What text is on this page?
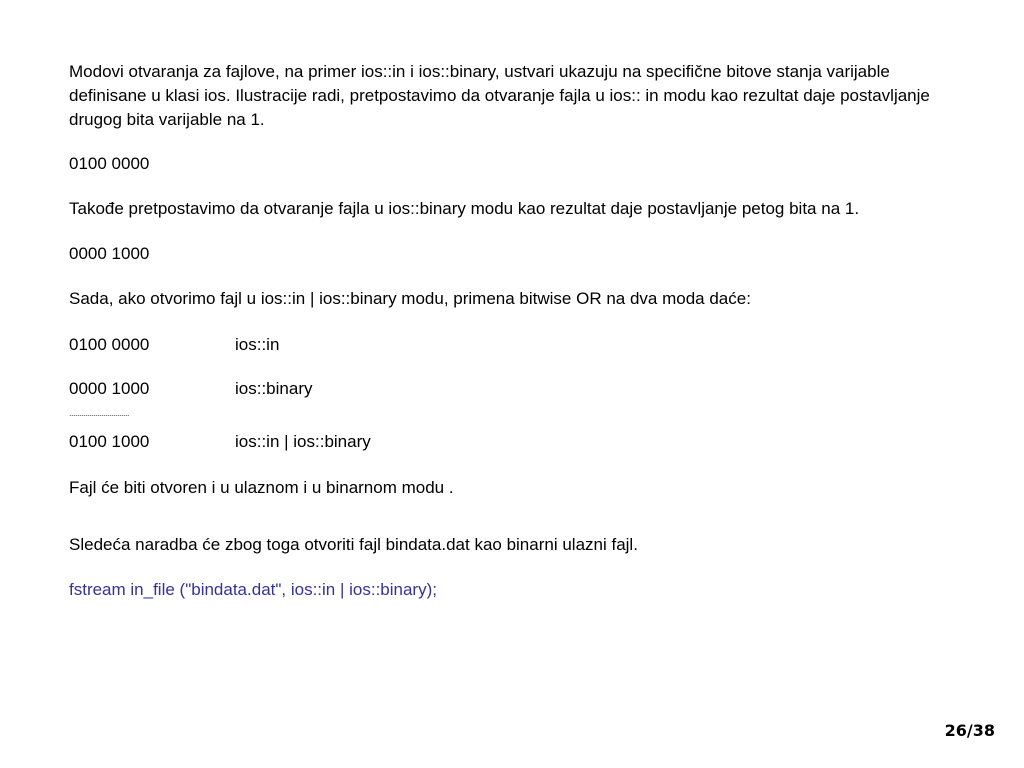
Modovi otvaranja za fajlove, na primer ios::in i ios::binary, ustvari ukazuju na specifične bitove stanja varijable definisane u klasi ios. Ilustracije radi, pretpostavimo da otvaranje fajla u ios:: in modu kao rezultat daje postavljanje drugog bita varijable na 1.

0100 0000

Takođe pretpostavimo da otvaranje fajla u ios::binary modu kao rezultat daje postavljanje petog bita na 1.

0000 1000

Sada, ako otvorimo fajl u ios::in | ios::binary modu, primena bitwise OR na dva moda daće:

0100 0000	ios::in
0000 1000	ios::binary
..............................
0100 1000	ios::in | ios::binary

Fajl će biti otvoren i u ulaznom i u binarnom modu .

Sledeća naradba će zbog toga otvoriti fajl bindata.dat kao binarni ulazni fajl.

fstream in_file ("bindata.dat", ios::in | ios::binary);

26/38
